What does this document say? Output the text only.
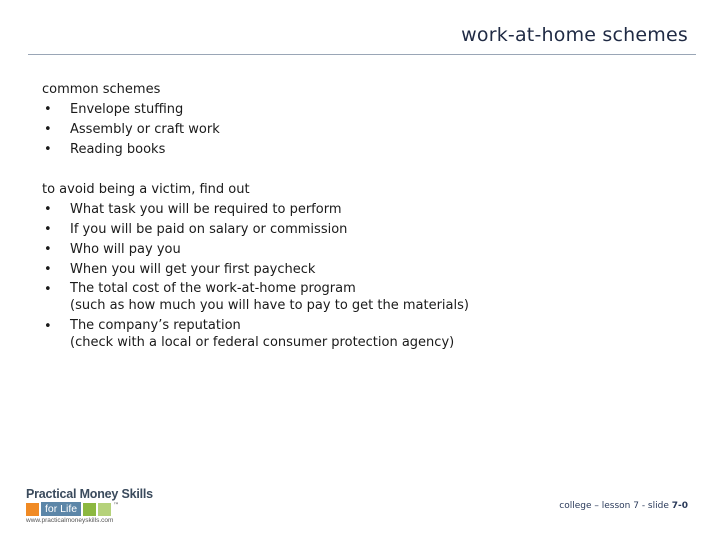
work-at-home schemes
common schemes
• Envelope stuffing
• Assembly or craft work
• Reading books
to avoid being a victim, find out
• What task you will be required to perform
• If you will be paid on salary or commission
• Who will pay you
• When you will get your first paycheck
• The total cost of the work-at-home program
(such as how much you will have to pay to get the materials)
• The company’s reputation
(check with a local or federal consumer protection agency)
Practical Money Skills
for Life	™
www.practicalmoneyskills.com
college – lesson 7 - slide 7-0
